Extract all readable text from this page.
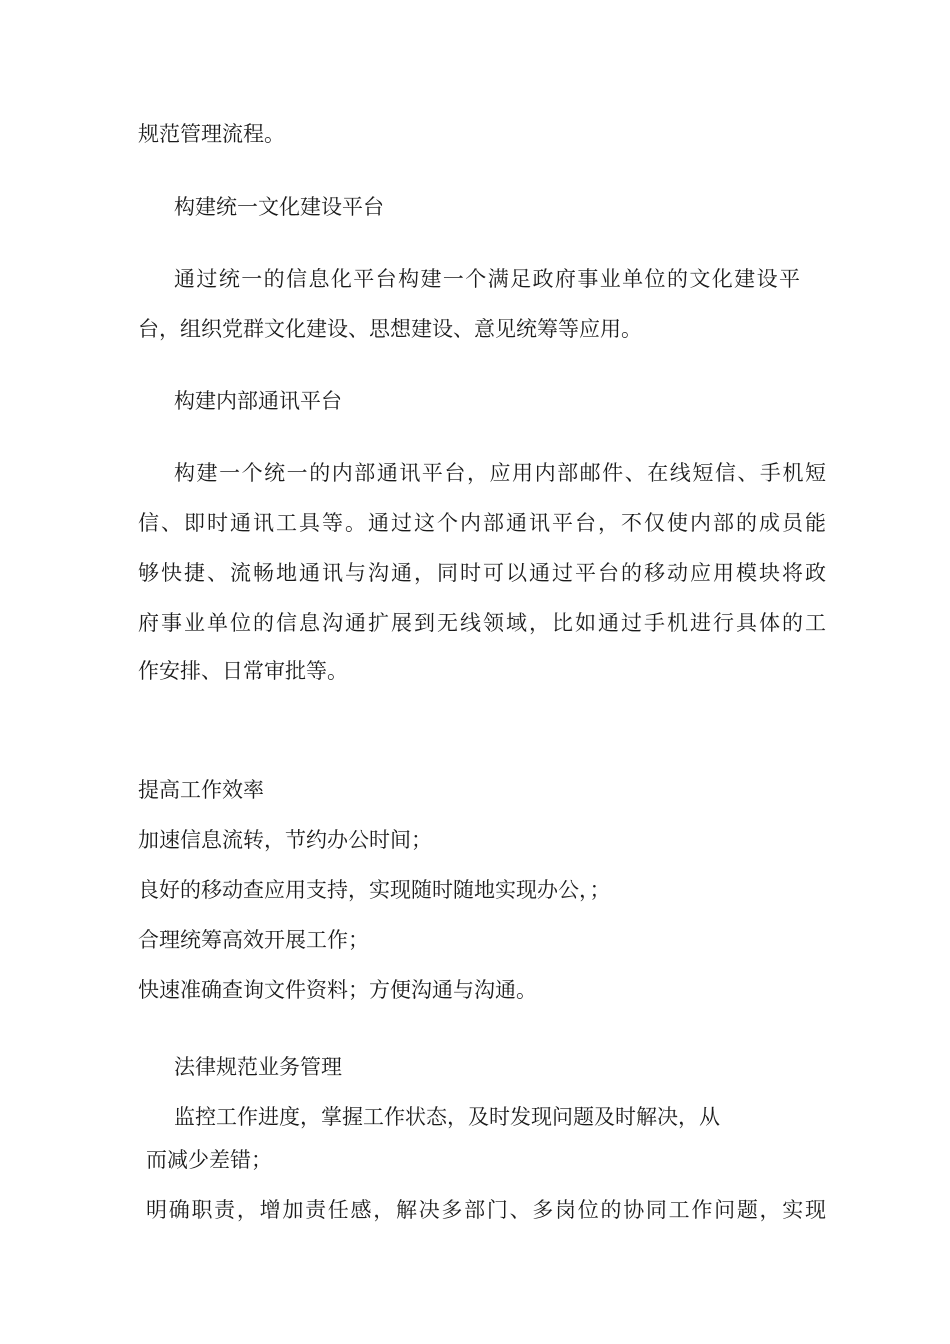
规范管理流程。

构建统一文化建设平台

通过统一的信息化平台构建一个满足政府事业单位的文化建设平

台，组织党群文化建设、思想建设、意见统筹等应用。

构建内部通讯平台

构建一个统一的内部通讯平台，应用内部邮件、在线短信、手机短

信、即时通讯工具等。通过这个内部通讯平台，不仅使内部的成员能

够快捷、流畅地通讯与沟通，同时可以通过平台的移动应用模块将政

府事业单位的信息沟通扩展到无线领域，比如通过手机进行具体的工

作安排、日常审批等。

提高工作效率

加速信息流转，节约办公时间；

良好的移动查应用支持，实现随时随地实现办公，；

合理统筹高效开展工作；

快速准确查询文件资料；方便沟通与沟通。

法律规范业务管理

监控工作进度，掌握工作状态，及时发现问题及时解决，从

而减少差错；

明确职责，增加责任感，解决多部门、多岗位的协同工作问题，实现
